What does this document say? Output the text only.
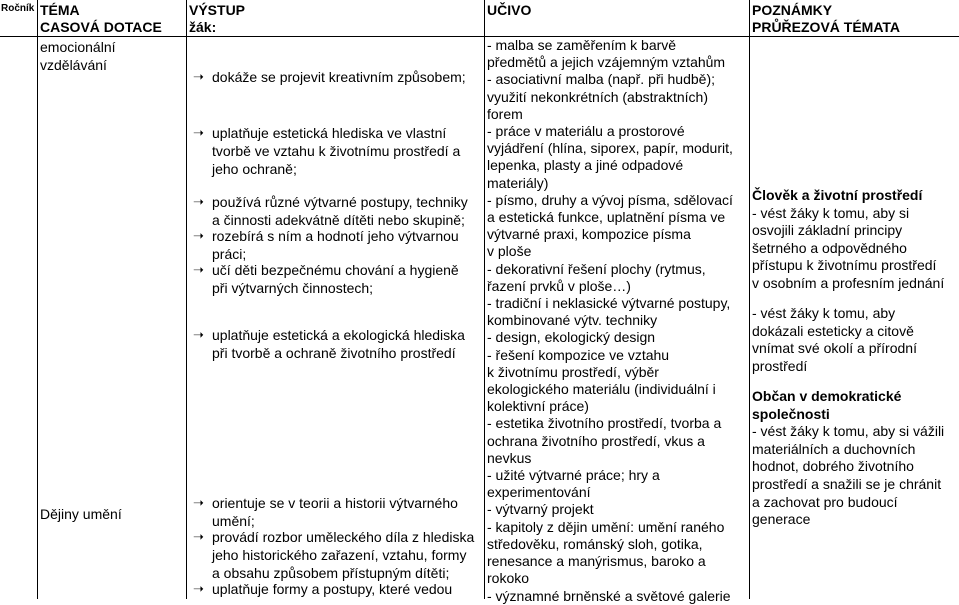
Ročník TÉMA
CASOVÁ DOTACE
VÝSTUP
žák:
UČIVO	POZNÁMKY
PRŮŘEZOVÁ TÉMATA
emocionální
vzdělávání
Dějiny umění
➝ dokáže se projevit kreativním způsobem;
➝ uplatňuje estetická hlediska ve vlastní
tvorbě ve vztahu k životnímu prostředí a
jeho ochraně;
➝ používá různé výtvarné postupy, techniky
a činnosti adekvátně dítěti nebo skupině;
➝ rozebírá s ním a hodnotí jeho výtvarnou
práci;
➝ učí děti bezpečnému chování a hygieně
při výtvarných činnostech;
➝ uplatňuje estetická a ekologická hlediska
při tvorbě a ochraně životního prostředí
➝ orientuje se v teorii a historii výtvarného
umění;
➝ provádí rozbor uměleckého díla z hlediska
jeho historického zařazení, vztahu, formy
a obsahu způsobem přístupným dítěti;
➝ uplatňuje formy a postupy, které vedou
- malba se zaměřením k barvě
předmětů a jejich vzájemným vztahům
- asociativní malba (např. při hudbě);
využití nekonkrétních (abstraktních)
forem
- práce v materiálu a prostorové
vyjádření (hlína, siporex, papír, modurit,
lepenka, plasty a jiné odpadové
materiály)
- písmo, druhy a vývoj písma, sdělovací
a estetická funkce, uplatnění písma ve
výtvarné praxi, kompozice písma
v ploše
- dekorativní řešení plochy (rytmus,
řazení prvků v ploše…)
- tradiční i neklasické výtvarné postupy,
kombinované výtv. techniky
- design, ekologický design
- řešení kompozice ve vztahu
k životnímu prostředí, výběr
ekologického materiálu (individuální i
kolektivní práce)
- estetika životního prostředí, tvorba a
ochrana životního prostředí, vkus a
nevkus
- užité výtvarné práce; hry a
experimentování
- výtvarný projekt
- kapitoly z dějin umění: umění raného
středověku, románský sloh, gotika,
renesance a manýrismus, baroko a
rokoko
- významné brněnské a světové galerie
Člověk a životní prostředí
- vést žáky k tomu, aby si
osvojili základní principy
šetrného a odpovědného
přístupu k životnímu prostředí
v osobním a profesním jednání
- vést žáky k tomu, aby
dokázali esteticky a citově
vnímat své okolí a přírodní
prostředí
Občan v demokratické
společnosti
- vést žáky k tomu, aby si vážili
materiálních a duchovních
hodnot, dobrého životního
prostředí a snažili se je chránit
a zachovat pro budoucí
generace
